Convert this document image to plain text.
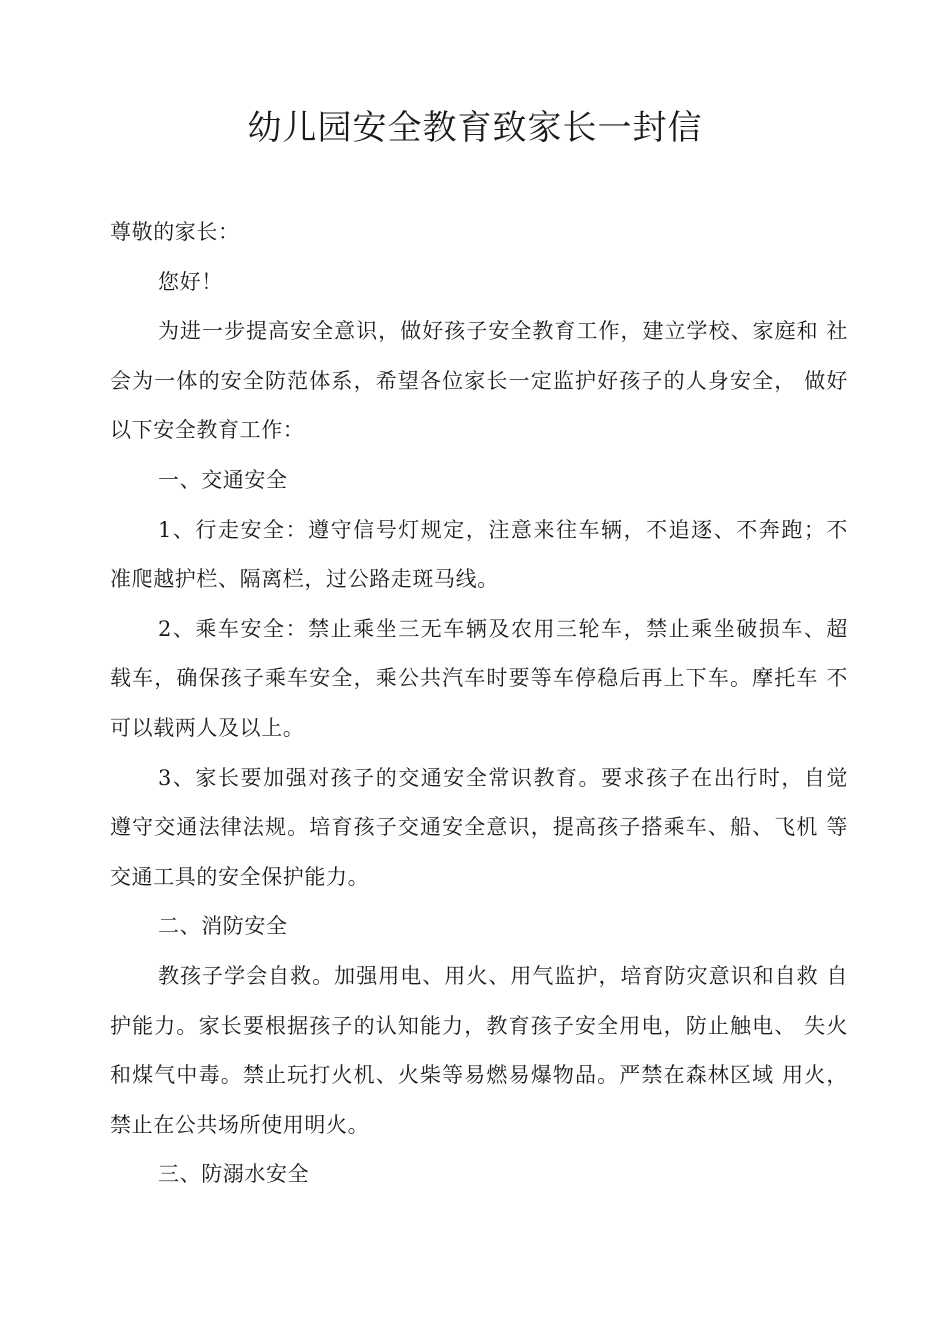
幼儿园安全教育致家长一封信

尊敬的家长：

您好！

为进一步提高安全意识，做好孩子安全教育工作，建立学校、家庭和 社会为一体的安全防范体系，希望各位家长一定监护好孩子的人身安全， 做好以下安全教育工作：

一、交通安全

1、行走安全：遵守信号灯规定，注意来往车辆，不追逐、不奔跑；不 准爬越护栏、隔离栏，过公路走斑马线。

2、乘车安全：禁止乘坐三无车辆及农用三轮车，禁止乘坐破损车、超 载车，确保孩子乘车安全，乘公共汽车时要等车停稳后再上下车。摩托车 不可以载两人及以上。

3、家长要加强对孩子的交通安全常识教育。要求孩子在出行时，自觉 遵守交通法律法规。培育孩子交通安全意识，提高孩子搭乘车、船、飞机 等交通工具的安全保护能力。

二、消防安全

教孩子学会自救。加强用电、用火、用气监护，培育防灾意识和自救 自护能力。家长要根据孩子的认知能力，教育孩子安全用电，防止触电、 失火和煤气中毒。禁止玩打火机、火柴等易燃易爆物品。严禁在森林区域 用火，禁止在公共场所使用明火。

三、防溺水安全
